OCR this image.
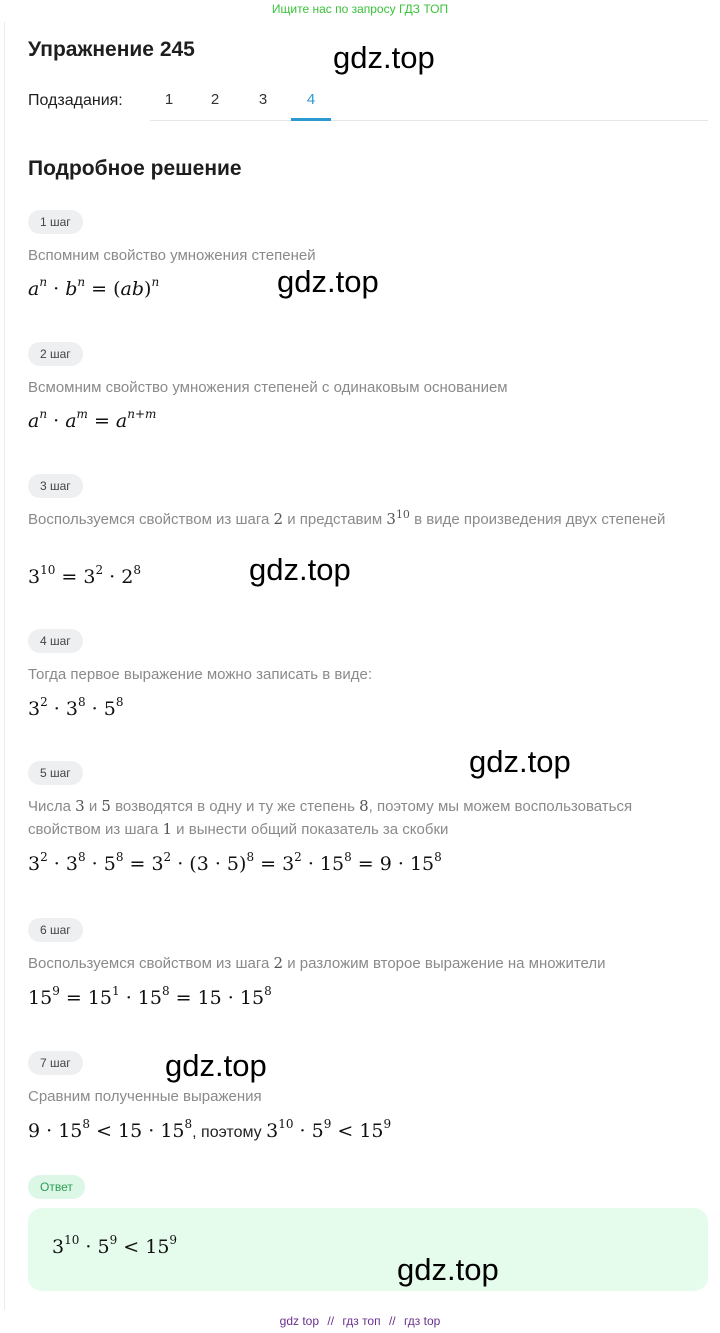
Ищите нас по запросу ГДЗ ТОП
Упражнение 245
Подзадания:	1	2	3	4
Подробное решение
1 шаг
Вспомним свойство умножения степеней
$a^n \cdot b^n = (ab)^n$
2 шаг
Всмомним свойство умножения степеней с одинаковым основанием
$a^n \cdot a^m = a^{n+m}$
3 шаг
Воспользуемся свойством из шага 2 и представим $3^{10}$ в виде произведения двух степеней
$3^{10} = 3^2 \cdot 2^8$
4 шаг
Тогда первое выражение можно записать в виде:
$3^2 \cdot 3^8 \cdot 5^8$
5 шаг
Числа 3 и 5 возводятся в одну и ту же степень 8, поэтому мы можем воспользоваться свойством из шага 1 и вынести общий показатель за скобки
$3^2 \cdot 3^8 \cdot 5^8 = 3^2 \cdot (3 \cdot 5)^8 = 3^2 \cdot 15^8 = 9 \cdot 15^8$
6 шаг
Воспользуемся свойством из шага 2 и разложим второе выражение на множители
$15^9 = 15^1 \cdot 15^8 = 15 \cdot 15^8$
7 шаг
Сравним полученные выражения
$9 \cdot 15^8 < 15 \cdot 15^8$, поэтому $3^{10} \cdot 5^9 < 15^9$
Ответ
$3^{10} \cdot 5^9 < 15^9$
gdz.top
gdz.top
gdz.top
gdz.top
gdz.top
gdz.top
gdz top // гдз топ // гдз top
